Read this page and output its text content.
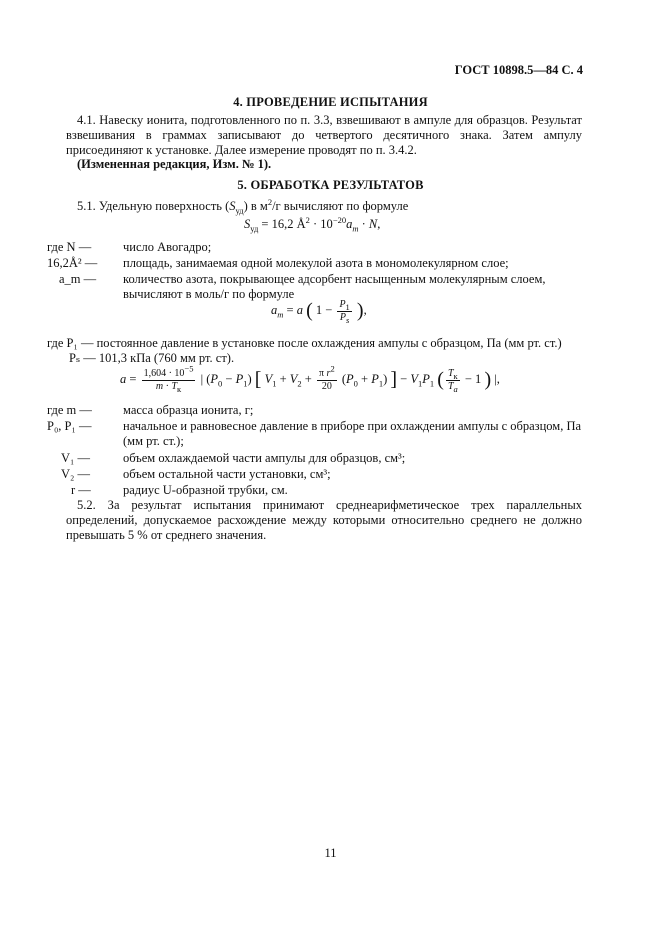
ГОСТ 10898.5—84 С. 4
4. ПРОВЕДЕНИЕ ИСПЫТАНИЯ

4.1. Навеску ионита, подготовленного по п. 3.3, взвешивают в ампуле для образцов. Результат взвешивания в граммах записывают до четвертого десятичного знака. Затем ампулу присоединяют к установке. Далее измерение проводят по п. 3.4.2.

(Измененная редакция, Изм. № 1).

5. ОБРАБОТКА РЕЗУЛЬТАТОВ

5.1. Удельную поверхность $(S_{уд})$ в $м^2/г$ вычисляют по формуле

$S_{уд} = 16,2$ $Å^2 \cdot 10^{-20}a_m \cdot N$,
где N —	число Авогадро;
16,2Å² —	площадь, занимаемая одной молекулой азота в мономолекулярном слое;
a_m —	количество азота, покрывающее адсорбент насыщенным молекулярным слоем, вычисляют в моль/г по формуле
$a_m = a$ ( $1 - \frac{P_1}{P_s}$ ),
где P₁ — постоянное давление в установке после охлаждения ампулы с образцом, Па (мм рт. ст.)
Pₛ — 101,3 кПа (760 мм рт. ст).
$a = \frac{1,604 \cdot 10^{-5}}{m \cdot T_к}$ | $(P_0 - P_1)$ [ $V_1 + V_2 + \frac{\pi r^2}{20} (P_0 + P_1)$ ] − $V_1P_1$ ( $\frac{T_к}{T_a} - 1$ ) |,
где m —	масса образца ионита, г;
P₀, P₁ —	начальное и равновесное давление в приборе при охлаждении ампулы с образцом, Па (мм рт. ст.);
V₁ —	объем охлаждаемой части ампулы для образцов, см³;
V₂ —	объем остальной части установки, см³;
r —	радиус U-образной трубки, см.

5.2. За результат испытания принимают среднеарифметическое трех параллельных определений, допускаемое расхождение между которыми относительно среднего не должно превышать 5 % от среднего значения.

11
